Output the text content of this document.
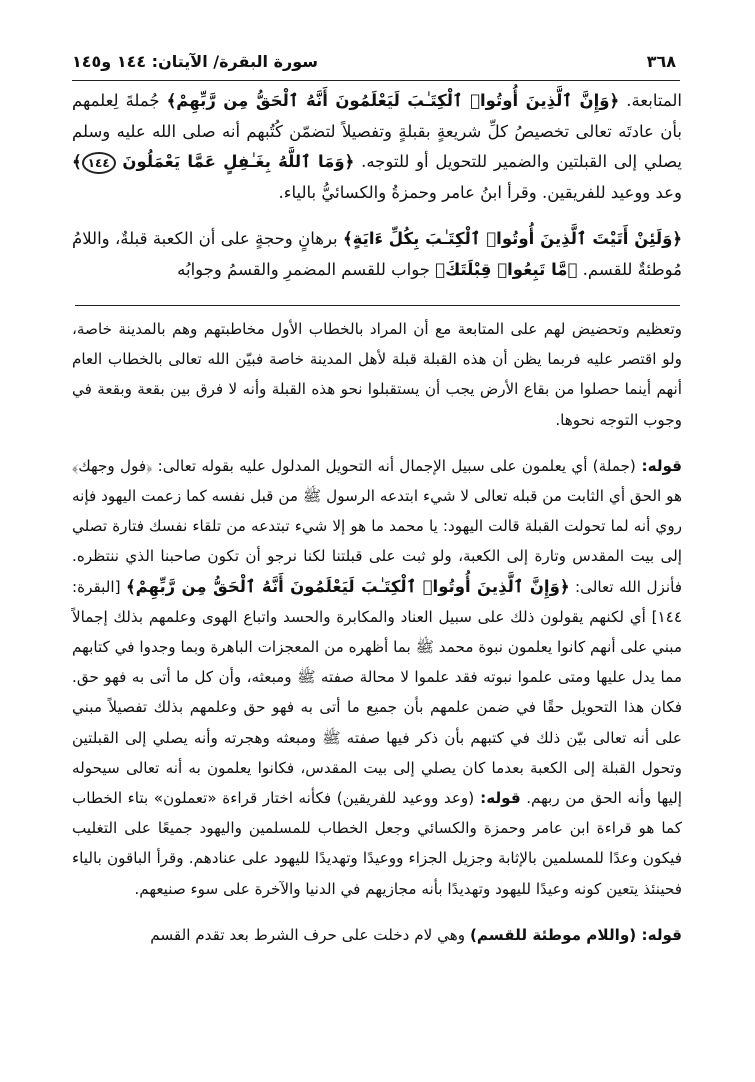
٣٦٨
سورة البقرة/ الآيتان: ١٤٤ و١٤٥

المتابعة. ﴿وَإِنَّ ٱلَّذِينَ أُوتُوا۟ ٱلْكِتَـٰبَ لَيَعْلَمُونَ أَنَّهُ ٱلْحَقُّ مِن رَّبِّهِمْ﴾ جُملةَ لِعلمهم بأن عادتَه تعالى تخصيصُ كلِّ شريعةٍ بقبلةٍ وتفصيلاً لتضمّن كُتُبهم أنه صلى الله عليه وسلم يصلي إلى القبلتين والضمير للتحويل أو للتوجه. ﴿وَمَا ٱللَّهُ بِغَـٰفِلٍ عَمَّا يَعْمَلُونَ ١٤٤﴾ وعد ووعيد للفريقين. وقرأ ابنُ عامر وحمزةُ والكسائيُّ بالياء.

﴿وَلَئِنْ أَتَيْتَ ٱلَّذِينَ أُوتُوا۟ ٱلْكِتَـٰبَ بِكُلِّ ءَايَةٍ﴾ برهانٍ وحجةٍ على أن الكعبة قبلةٌ، واللامُ مُوطئةٌ للقسم. ﴿مَّا تَبِعُوا۟ قِبْلَتَكَ﴾ جواب للقسم المضمرِ والقسمُ وجوابُه

وتعظيم وتحضيض لهم على المتابعة مع أن المراد بالخطاب الأول مخاطبتهم وهم بالمدينة خاصة، ولو اقتصر عليه فربما يظن أن هذه القبلة قبلة لأهل المدينة خاصة فبيّن الله تعالى بالخطاب العام أنهم أينما حصلوا من بقاع الأرض يجب أن يستقبلوا نحو هذه القبلة وأنه لا فرق بين بقعة وبقعة في وجوب التوجه نحوها.

قوله: (جملة) أي يعلمون على سبيل الإجمال أنه التحويل المدلول عليه بقوله تعالى: ﴿فول وجهك﴾ هو الحق أي الثابت من قبله تعالى لا شيء ابتدعه الرسول ﷺ من قبل نفسه كما زعمت اليهود فإنه روي أنه لما تحولت القبلة قالت اليهود: يا محمد ما هو إلا شيء تبتدعه من تلقاء نفسك فتارة تصلي إلى بيت المقدس وتارة إلى الكعبة، ولو ثبت على قبلتنا لكنا نرجو أن تكون صاحبنا الذي ننتظره. فأنزل الله تعالى: ﴿وَإِنَّ ٱلَّذِينَ أُوتُوا۟ ٱلْكِتَـٰبَ لَيَعْلَمُونَ أَنَّهُ ٱلْحَقُّ مِن رَّبِّهِمْ﴾ [البقرة: ١٤٤] أي لكنهم يقولون ذلك على سبيل العناد والمكابرة والحسد واتباع الهوى وعلمهم بذلك إجمالاً مبني على أنهم كانوا يعلمون نبوة محمد ﷺ بما أظهره من المعجزات الباهرة وبما وجدوا في كتابهم مما يدل عليها ومتى علموا نبوته فقد علموا لا محالة صفته ﷺ ومبعثه، وأن كل ما أتى به فهو حق. فكان هذا التحويل حقًا في ضمن علمهم بأن جميع ما أتى به فهو حق وعلمهم بذلك تفصيلاً مبني على أنه تعالى بيّن ذلك في كتبهم بأن ذكر فيها صفته ﷺ ومبعثه وهجرته وأنه يصلي إلى القبلتين وتحول القبلة إلى الكعبة بعدما كان يصلي إلى بيت المقدس، فكانوا يعلمون به أنه تعالى سيحوله إليها وأنه الحق من ربهم. قوله: (وعد ووعيد للفريقين) فكأنه اختار قراءة «تعملون» بتاء الخطاب كما هو قراءة ابن عامر وحمزة والكسائي وجعل الخطاب للمسلمين واليهود جميعًا على التغليب فيكون وعدًا للمسلمين بالإثابة وجزيل الجزاء ووعيدًا وتهديدًا لليهود على عنادهم. وقرأ الباقون بالياء فحينئذ يتعين كونه وعيدًا لليهود وتهديدًا بأنه مجازيهم في الدنيا والآخرة على سوء صنيعهم.

قوله: (واللام موطئة للقسم) وهي لام دخلت على حرف الشرط بعد تقدم القسم
